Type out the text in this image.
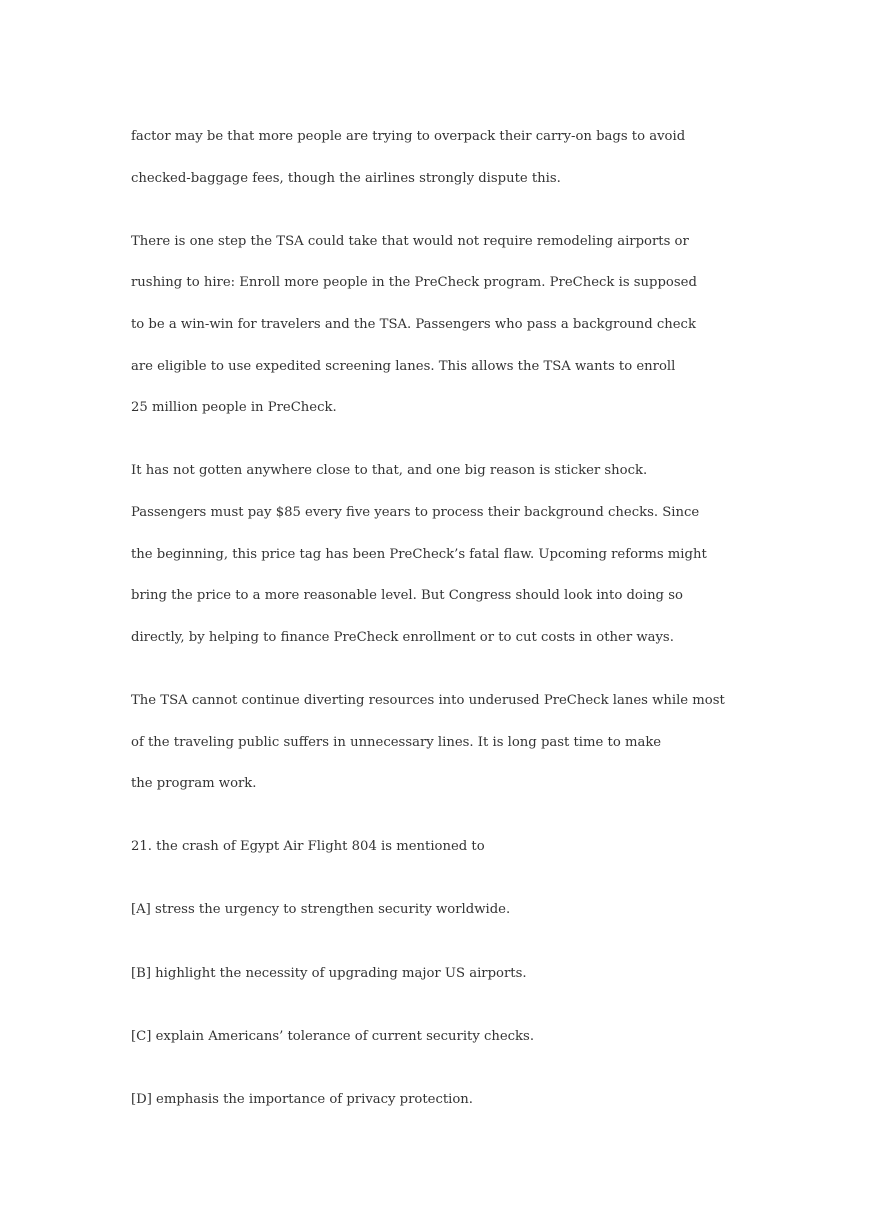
factor may be that more people are trying to overpack their carry-on bags to avoid
checked-baggage fees, though the airlines strongly dispute this.
There is one step the TSA could take that would not require remodeling airports or
rushing to hire: Enroll more people in the PreCheck program. PreCheck is supposed
to be a win-win for travelers and the TSA. Passengers who pass a background check
are eligible to use expedited screening lanes. This allows the TSA wants to enroll
25 million people in PreCheck.
It has not gotten anywhere close to that, and one big reason is sticker shock.
Passengers must pay $85 every five years to process their background checks. Since
the beginning, this price tag has been PreCheck’s fatal flaw. Upcoming reforms might
bring the price to a more reasonable level. But Congress should look into doing so
directly, by helping to finance PreCheck enrollment or to cut costs in other ways.
The TSA cannot continue diverting resources into underused PreCheck lanes while most
of the traveling public suffers in unnecessary lines. It is long past time to make
the program work.
21. the crash of Egypt Air Flight 804 is mentioned to
[A] stress the urgency to strengthen security worldwide.
[B] highlight the necessity of upgrading major US airports.
[C] explain Americans’ tolerance of current security checks.
[D] emphasis the importance of privacy protection.
